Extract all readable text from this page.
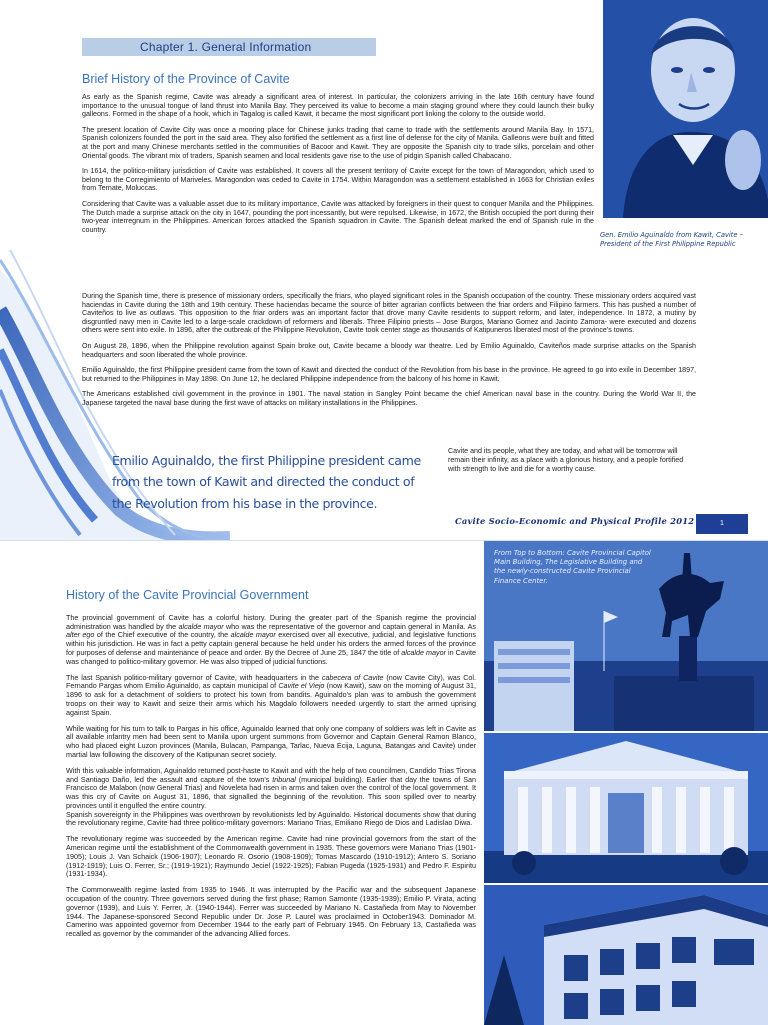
Chapter 1. General Information
Brief History of the Province of Cavite

As early as the Spanish regime, Cavite was already a significant area of interest. In particular, the colonizers arriving in the late 16th century have found importance to the unusual tongue of land thrust into Manila Bay. They perceived its value to become a main staging ground where they could launch their bulky galleons. Formed in the shape of a hook, which in Tagalog is called Kawit, it became the most significant port linking the colony to the outside world.

The present location of Cavite City was once a mooring place for Chinese junks trading that came to trade with the settlements around Manila Bay. In 1571, Spanish colonizers founded the port in the said area. They also fortified the settlement as a first line of defense for the city of Manila. Galleons were built and fitted at the port and many Chinese merchants settled in the communities of Bacoor and Kawit. They are opposite the Spanish city to trade silks, porcelain and other Oriental goods. The vibrant mix of traders, Spanish seamen and local residents gave rise to the use of pidgin Spanish called Chabacano.

In 1614, the politico-military jurisdiction of Cavite was established. It covers all the present territory of Cavite except for the town of Maragondon, which used to belong to the Corregimiento of Mariveles. Maragondon was ceded to Cavite in 1754. Within Maragondon was a settlement established in 1663 for Christian exiles from Ternate, Moluccas.

Considering that Cavite was a valuable asset due to its military importance, Cavite was attacked by foreigners in their quest to conquer Manila and the Philippines. The Dutch made a surprise attack on the city in 1647, pounding the port incessantly, but were repulsed. Likewise, in 1672, the British occupied the port during their two-year interregnum in the Philippines. American forces attacked the Spanish squadron in Cavite. The Spanish defeat marked the end of Spanish rule in the country.

During the Spanish time, there is presence of missionary orders, specifically the friars, who played significant roles in the Spanish occupation of the country. These missionary orders acquired vast haciendas in Cavite during the 18th and 19th century. These haciendas became the source of bitter agrarian conflicts between the friar orders and Filipino farmers. This has pushed a number of Caviteños to live as outlaws. This opposition to the friar orders was an important factor that drove many Cavite residents to support reform, and later, independence. In 1872, a mutiny by disgruntled navy men in Cavite led to a large-scale crackdown of reformers and liberals. Three Filipino priests – Jose Burgos, Mariano Gomez and Jacinto Zamora- were executed and dozens others were sent into exile. In 1896, after the outbreak of the Philippine Revolution, Cavite took center stage as thousands of Katipuneros liberated most of the province's towns.

On August 28, 1896, when the Philippine revolution against Spain broke out, Cavite became a bloody war theatre. Led by Emilio Aguinaldo, Caviteños made surprise attacks on the Spanish headquarters and soon liberated the whole province.

Emilio Aguinaldo, the first Philippine president came from the town of Kawit and directed the conduct of the Revolution from his base in the province. He agreed to go into exile in December 1897, but returned to the Philippines in May 1898. On June 12, he declared Philippine independence from the balcony of his home in Kawit.

The Americans established civil government in the province in 1901. The naval station in Sangley Point became the chief American naval base in the country. During the World War II, the Japanese targeted the naval base during the first wave of attacks on military installations in the Philippines.

Emilio Aguinaldo, the first Philippine president came from the town of Kawit and directed the conduct of the Revolution from his base in the province.
Cavite and its people, what they are today, and what will be tomorrow will remain their infinity, as a place with a glorious history, and a people fortified with strength to live and die for a worthy cause.
Gen. Emilio Aguinaldo from Kawit, Cavite – President of the First Philippine Republic
Cavite Socio-Economic and Physical Profile 2012	1
History of the Cavite Provincial Government

The provincial government of Cavite has a colorful history. During the greater part of the Spanish regime the provincial administration was handled by the alcalde mayor who was the representative of the governor and captain general in Manila. As alter ego of the Chief executive of the country, the alcalde mayor exercised over all executive, judicial, and legislative functions within his jurisdiction. He was in fact a petty captain general because he held under his orders the armed forces of the province for purposes of defense and maintenance of peace and order. By the Decree of June 25, 1847 the title of alcalde mayor in Cavite was changed to politico-military governor. He was also tripped of judicial functions.

The last Spanish politico-military governor of Cavite, with headquarters in the cabecera of Cavite (now Cavite City), was Col. Fernando Pargas whom Emilio Aguinaldo, as captain municipal of Cavite el Viejo (now Kawit), saw on the morning of August 31, 1896 to ask for a detachment of soldiers to protect his town from bandits. Aguinaldo's plan was to ambush the government troops on their way to Kawit and seize their arms which his Magdalo followers needed urgently to start the armed uprising against Spain.

While waiting for his turn to talk to Pargas in his office, Aguinaldo learned that only one company of soldiers was left in Cavite as all available infantry men had been sent to Manila upon urgent summons from Governor and Captain General Ramon Blanco, who had placed eight Luzon provinces (Manila, Bulacan, Pampanga, Tarlac, Nueva Ecija, Laguna, Batangas and Cavite) under martial law following the discovery of the Katipunan secret society.

With this valuable information, Aguinaldo returned post-haste to Kawit and with the help of two councilmen, Candido Trias Tirona and Santiago Daño, led the assault and capture of the town's tribunal (municipal building). Earlier that day the towns of San Francisco de Malabon (now General Trias) and Noveleta had risen in arms and taken over the control of the local government. It was this cry of Cavite on August 31, 1896, that signalled the beginning of the revolution. This soon spilled over to nearby provinces until it engulfed the entire country.
Spanish sovereignty in the Philippines was overthrown by revolutionists led by Aguinaldo. Historical documents show that during the revolutionary regime, Cavite had three politico-military governors: Mariano Trias, Emiliano Riego de Dios and Ladislao Diwa.

The revolutionary regime was succeeded by the American regime. Cavite had nine provincial governors from the start of the American regime until the establishment of the Commonwealth government in 1935. These governors were Mariano Trias (1901-1905); Louis J. Van Schaick (1906-1907); Leonardo R. Osorio (1908-1909); Tomas Mascardo (1910-1912); Antero S. Soriano (1912-1919); Luis O. Ferrer, Sr.; (1919-1921); Raymundo Jeciel (1922-1925); Fabian Pugeda (1925-1931) and Pedro F. Espiritu (1931-1934).

The Commonwealth regime lasted from 1935 to 1946. It was interrupted by the Pacific war and the subsequent Japanese occupation of the country. Three governors served during the first phase; Ramon Samonte (1935-1939); Emilio P. Virata, acting governor (1939), and Luis Y. Ferrer, Jr. (1940-1944). Ferrer was succeeded by Mariano N. Castañeda from May to November 1944. The Japanese-sponsored Second Republic under Dr. Jose P. Laurel was proclaimed in October1943. Dominador M. Camerino was appointed governor from December 1944 to the early part of February 1945. On February 13, Castañeda was recalled as governor by the commander of the advancing Allied forces.

From Top to Bottom: Cavite Provincial Capitol Main Building, The Legislative Building and the newly-constructed Cavite Provincial Finance Center.
